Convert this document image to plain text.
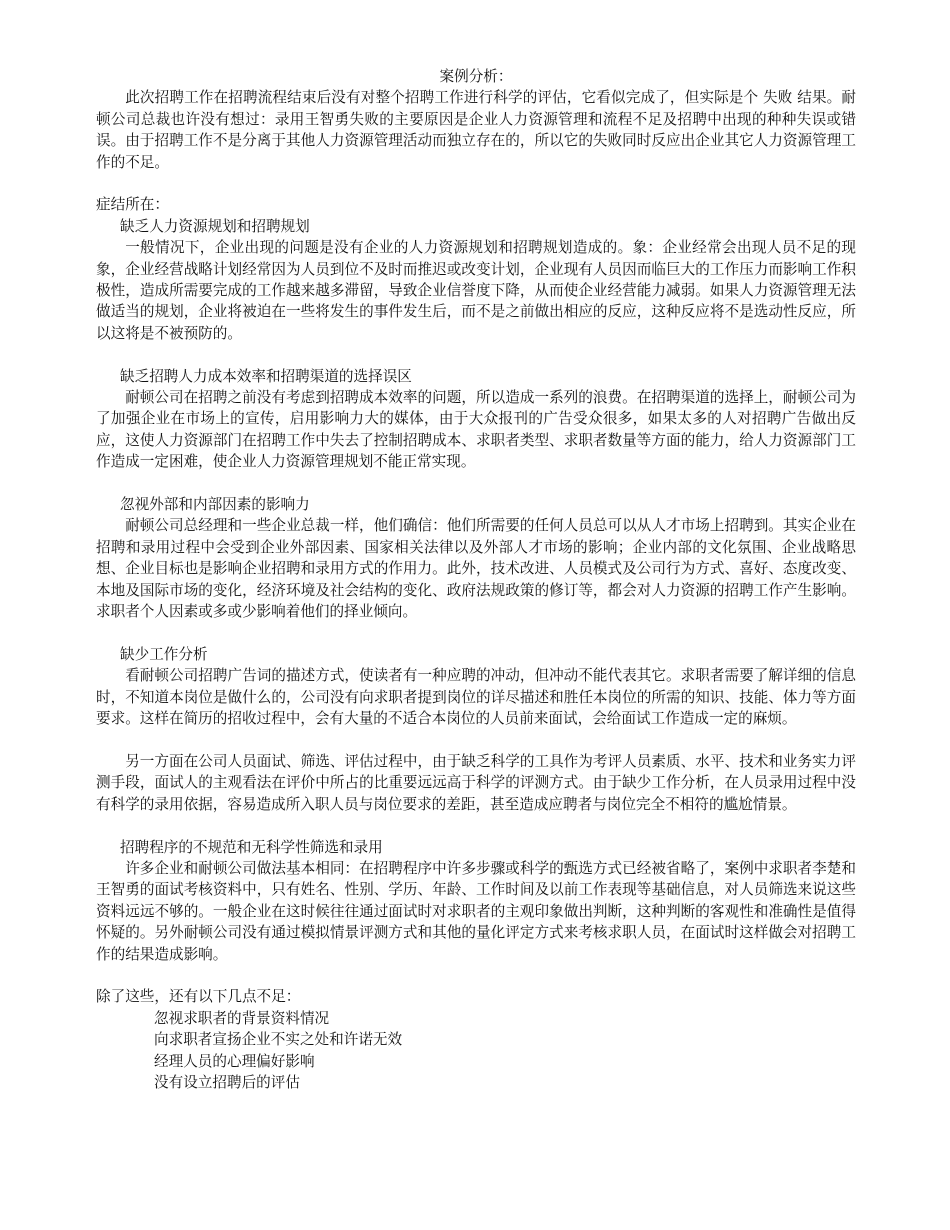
案例分析：

此次招聘工作在招聘流程结束后没有对整个招聘工作进行科学的评估，它看似完成了，但实际是个 失败 结果。耐顿公司总裁也许没有想过：录用王智勇失败的主要原因是企业人力资源管理和流程不足及招聘中出现的种种失误或错误。由于招聘工作不是分离于其他人力资源管理活动而独立存在的，所以它的失败同时反应出企业其它人力资源管理工作的不足。

症结所在：

缺乏人力资源规划和招聘规划

一般情况下，企业出现的问题是没有企业的人力资源规划和招聘规划造成的。象：企业经常会出现人员不足的现象，企业经营战略计划经常因为人员到位不及时而推迟或改变计划，企业现有人员因而临巨大的工作压力而影响工作积极性，造成所需要完成的工作越来越多滞留，导致企业信誉度下降，从而使企业经营能力减弱。如果人力资源管理无法做适当的规划，企业将被迫在一些将发生的事件发生后，而不是之前做出相应的反应，这种反应将不是选动性反应，所以这将是不被预防的。

缺乏招聘人力成本效率和招聘渠道的选择误区

耐顿公司在招聘之前没有考虑到招聘成本效率的问题，所以造成一系列的浪费。在招聘渠道的选择上，耐顿公司为了加强企业在市场上的宣传，启用影响力大的媒体，由于大众报刊的广告受众很多，如果太多的人对招聘广告做出反应，这使人力资源部门在招聘工作中失去了控制招聘成本、求职者类型、求职者数量等方面的能力，给人力资源部门工作造成一定困难，使企业人力资源管理规划不能正常实现。

忽视外部和内部因素的影响力

耐顿公司总经理和一些企业总裁一样，他们确信：他们所需要的任何人员总可以从人才市场上招聘到。其实企业在招聘和录用过程中会受到企业外部因素、国家相关法律以及外部人才市场的影响；企业内部的文化氛围、企业战略思想、企业目标也是影响企业招聘和录用方式的作用力。此外，技术改进、人员模式及公司行为方式、喜好、态度改变、本地及国际市场的变化，经济环境及社会结构的变化、政府法规政策的修订等，都会对人力资源的招聘工作产生影响。求职者个人因素或多或少影响着他们的择业倾向。

缺少工作分析

看耐顿公司招聘广告词的描述方式，使读者有一种应聘的冲动，但冲动不能代表其它。求职者需要了解详细的信息时，不知道本岗位是做什么的，公司没有向求职者提到岗位的详尽描述和胜任本岗位的所需的知识、技能、体力等方面要求。这样在简历的招收过程中，会有大量的不适合本岗位的人员前来面试，会给面试工作造成一定的麻烦。

另一方面在公司人员面试、筛选、评估过程中，由于缺乏科学的工具作为考评人员素质、水平、技术和业务实力评测手段，面试人的主观看法在评价中所占的比重要远远高于科学的评测方式。由于缺少工作分析，在人员录用过程中没有科学的录用依据，容易造成所入职人员与岗位要求的差距，甚至造成应聘者与岗位完全不相符的尴尬情景。

招聘程序的不规范和无科学性筛选和录用

许多企业和耐顿公司做法基本相同：在招聘程序中许多步骤或科学的甄选方式已经被省略了，案例中求职者李楚和王智勇的面试考核资料中，只有姓名、性别、学历、年龄、工作时间及以前工作表现等基础信息，对人员筛选来说这些资料远远不够的。一般企业在这时候往往通过面试时对求职者的主观印象做出判断，这种判断的客观性和准确性是值得怀疑的。另外耐顿公司没有通过模拟情景评测方式和其他的量化评定方式来考核求职人员，在面试时这样做会对招聘工作的结果造成影响。

除了这些，还有以下几点不足：

忽视求职者的背景资料情况
向求职者宣扬企业不实之处和许诺无效
经理人员的心理偏好影响
没有设立招聘后的评估
